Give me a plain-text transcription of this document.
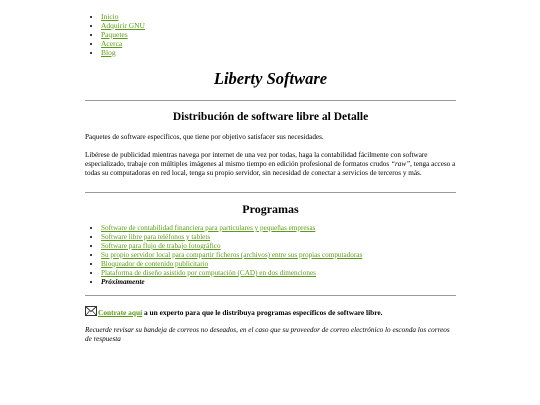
• Inicio
• Adquirir GNU
• Paquetes
• Acerca
• Blog
Liberty Software
Distribución de software libre al Detalle

Paquetes de software específicos, que tiene por objetivo satisfacer sus necesidades.

Libérese de publicidad mientras navega por internet de una vez por todas, haga la contabilidad fácilmente con software especializado, trabaje con múltiples imágenes al mismo tiempo en edición profesional de formatos crudos “raw”, tenga acceso a todas su computadoras en red local, tenga su propio servidor, sin necesidad de conectar a servicios de terceros y más.

Programas
• Software de contabilidad financiera para particulares y pequeñas empresas
• Software libre para teléfonos y tablets
• Software para flujo de trabajo fotográfico
• Su propio servidor local para compartir ficheros (archivos) entre sus propias computadoras
• Bloqueador de contenido publicitario
• Plataforma de diseño asistido por computación (CAD) en dos dimenciones
• Próximamente
Contrate aquí a un experto para que le distribuya programas específicos de software libre.

Recuerde revisar su bandeja de correos no deseados, en el caso que su proveedor de correo electrónico lo esconda los correos de respuesta
